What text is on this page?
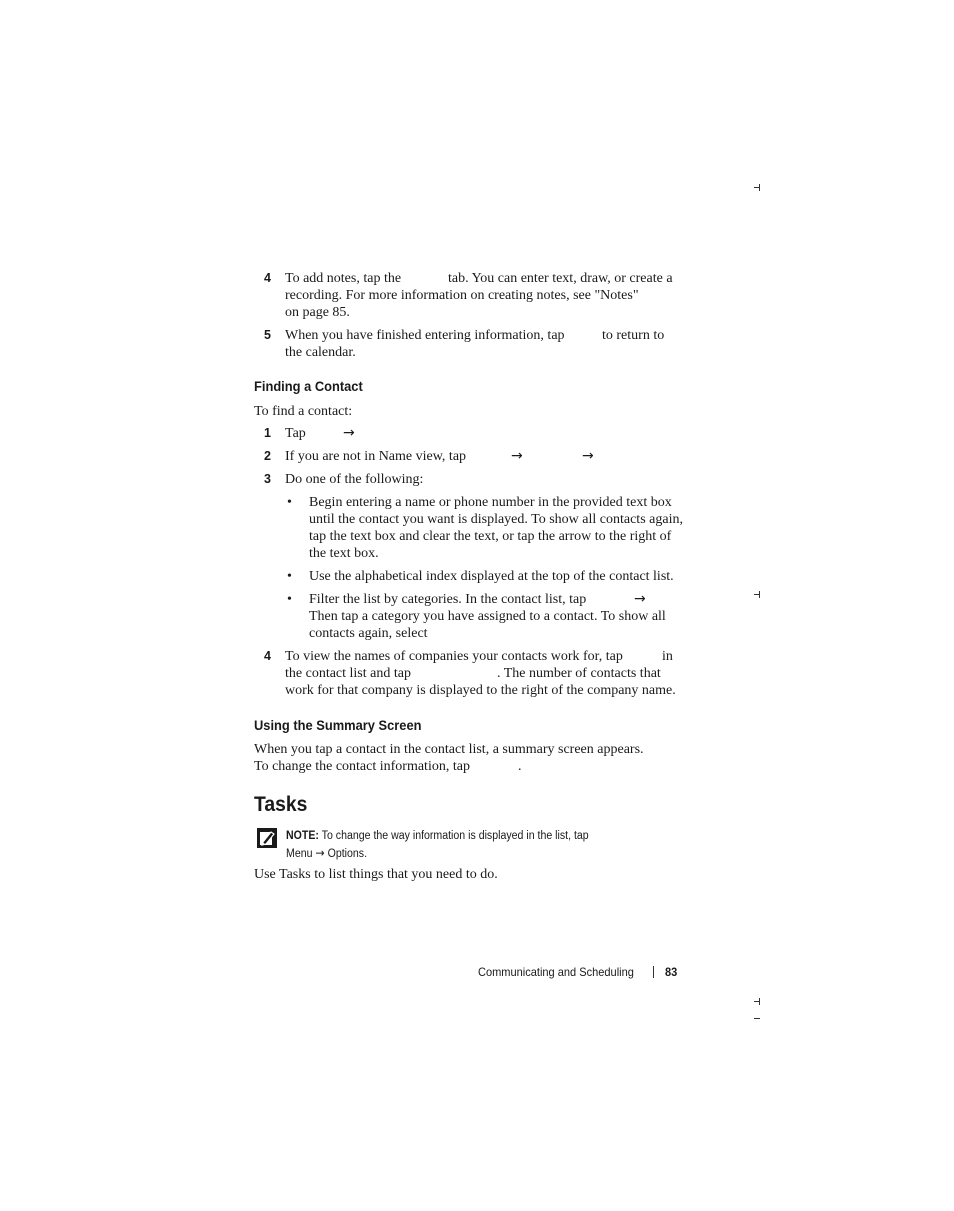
4 To add notes, tap the	tab. You can enter text, draw, or create a
recording. For more information on creating notes, see "Notes"
on page 85.
5 When you have finished entering information, tap	to return to
the calendar.
Finding a Contact
To find a contact:
1 Tap	→
2 If you are not in Name view, tap	→	→
3 Do one of the following:
• Begin entering a name or phone number in the provided text box
until the contact you want is displayed. To show all contacts again,
tap the text box and clear the text, or tap the arrow to the right of
the text box.
• Use the alphabetical index displayed at the top of the contact list.
• Filter the list by categories. In the contact list, tap	→
Then tap a category you have assigned to a contact. To show all
contacts again, select
4 To view the names of companies your contacts work for, tap	in
the contact list and tap	. The number of contacts that
work for that company is displayed to the right of the company name.
Using the Summary Screen
When you tap a contact in the contact list, a summary screen appears.
To change the contact information, tap	.
Tasks
NOTE: To change the way information is displayed in the list, tap
Menu → Options.
Use Tasks to list things that you need to do.
Communicating and Scheduling	83
